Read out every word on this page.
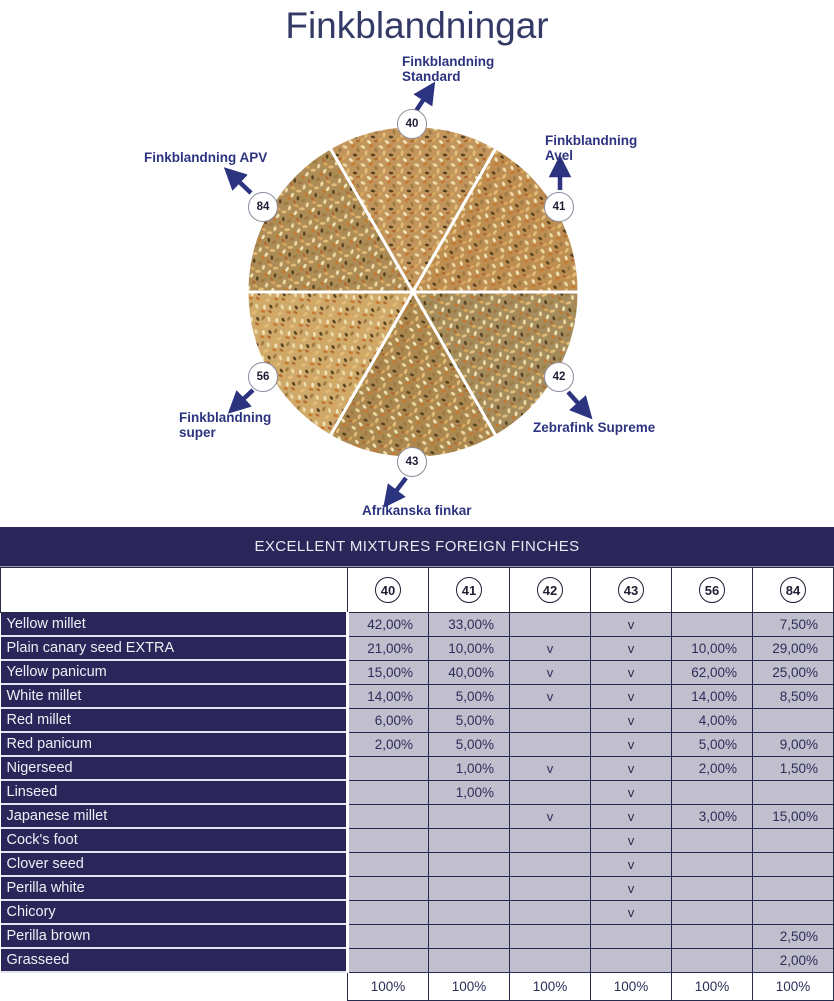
Finkblandningar
40
41
42
43
56
84
Finkblandning Standard
Finkblandning Avel
Finkblandning APV
Zebrafink Supreme
Finkblandning super
Afrikanska finkar
EXCELLENT MIXTURES FOREIGN FINCHES
	40	41	42	43	56	84
Yellow millet	42,00%	33,00%		v		7,50%
Plain canary seed EXTRA	21,00%	10,00%	v	v	10,00%	29,00%
Yellow panicum	15,00%	40,00%	v	v	62,00%	25,00%
White millet	14,00%	5,00%	v	v	14,00%	8,50%
Red millet	6,00%	5,00%		v	4,00%	
Red panicum	2,00%	5,00%		v	5,00%	9,00%
Nigerseed		1,00%	v	v	2,00%	1,50%
Linseed		1,00%		v		
Japanese millet			v	v	3,00%	15,00%
Cock's foot				v		
Clover seed				v		
Perilla white				v		
Chicory				v		
Perilla brown						2,50%
Grasseed						2,00%
	100%	100%	100%	100%	100%	100%
